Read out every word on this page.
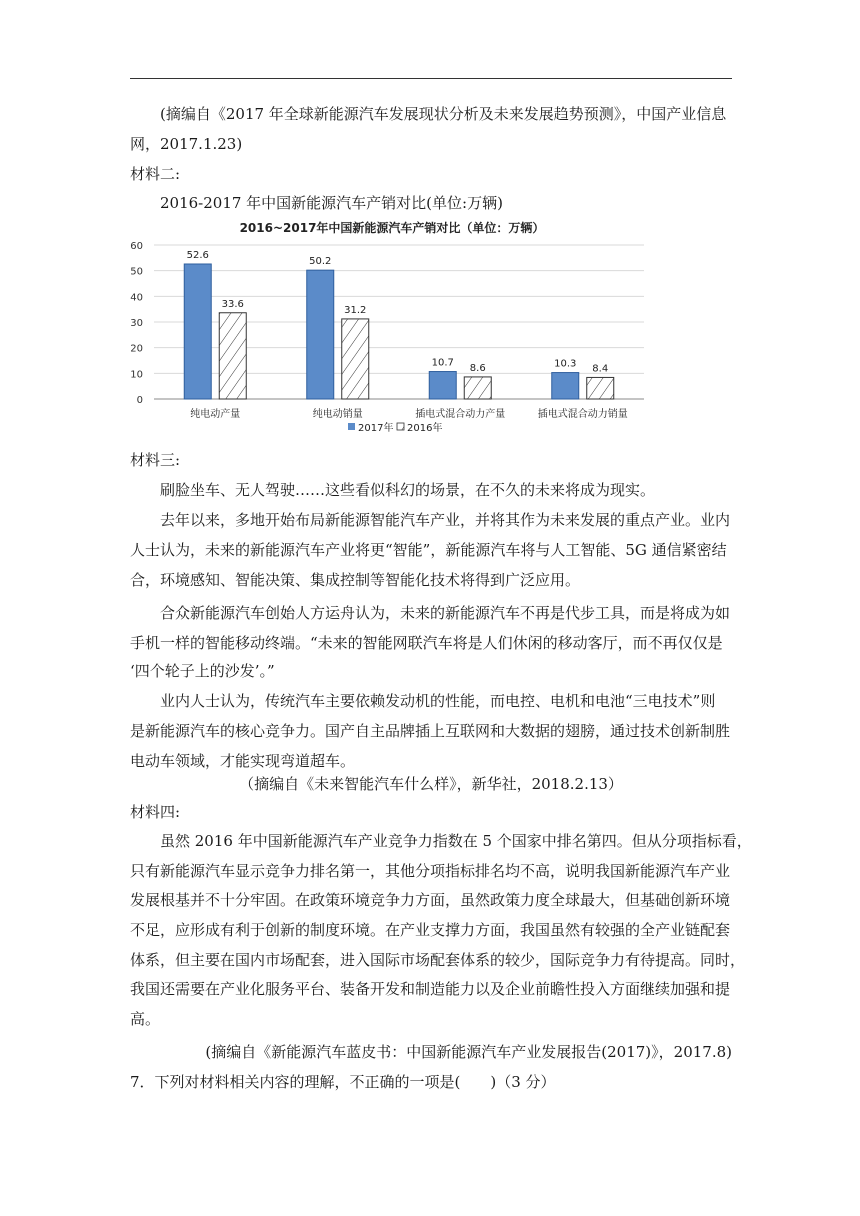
(摘编自《2017 年全球新能源汽车发展现状分析及未来发展趋势预测》，中国产业信息
网，2017.1.23)
材料二:
2016-2017 年中国新能源汽车产销对比(单位:万辆)
2016~2017年中国新能源汽车产销对比（单位：万辆）
0
10
20
30
40
50
60
52.6
33.6
纯电动产量
50.2
31.2
纯电动销量
10.7 8.6
插电式混合动力产量
10.3 8.4
插电式混合动力销量
2017年 2016年
材料三:
刷脸坐车、无人驾驶……这些看似科幻的场景，在不久的未来将成为现实。
去年以来，多地开始布局新能源智能汽车产业，并将其作为未来发展的重点产业。业内
人士认为，未来的新能源汽车产业将更“智能”，新能源汽车将与人工智能、5G 通信紧密结
合，环境感知、智能决策、集成控制等智能化技术将得到广泛应用。
合众新能源汽车创始人方运舟认为，未来的新能源汽车不再是代步工具，而是将成为如
手机一样的智能移动终端。“未来的智能网联汽车将是人们休闲的移动客厅，而不再仅仅是
‘四个轮子上的沙发’。”
业内人士认为，传统汽车主要依赖发动机的性能，而电控、电机和电池“三电技术”则
是新能源汽车的核心竞争力。国产自主品牌插上互联网和大数据的翅膀，通过技术创新制胜
电动车领域，才能实现弯道超车。
（摘编自《未来智能汽车什么样》，新华社，2018.2.13）
材料四:
虽然 2016 年中国新能源汽车产业竞争力指数在 5 个国家中排名第四。但从分项指标看，
只有新能源汽车显示竞争力排名第一，其他分项指标排名均不高，说明我国新能源汽车产业
发展根基并不十分牢固。在政策环境竞争力方面，虽然政策力度全球最大，但基础创新环境
不足，应形成有利于创新的制度环境。在产业支撑力方面，我国虽然有较强的全产业链配套
体系，但主要在国内市场配套，进入国际市场配套体系的较少，国际竞争力有待提高。同时，
我国还需要在产业化服务平台、装备开发和制造能力以及企业前瞻性投入方面继续加强和提
高。
(摘编自《新能源汽车蓝皮书：中国新能源汽车产业发展报告(2017)》，2017.8)
7．下列对材料相关内容的理解，不正确的一项是(　　)（3 分）
